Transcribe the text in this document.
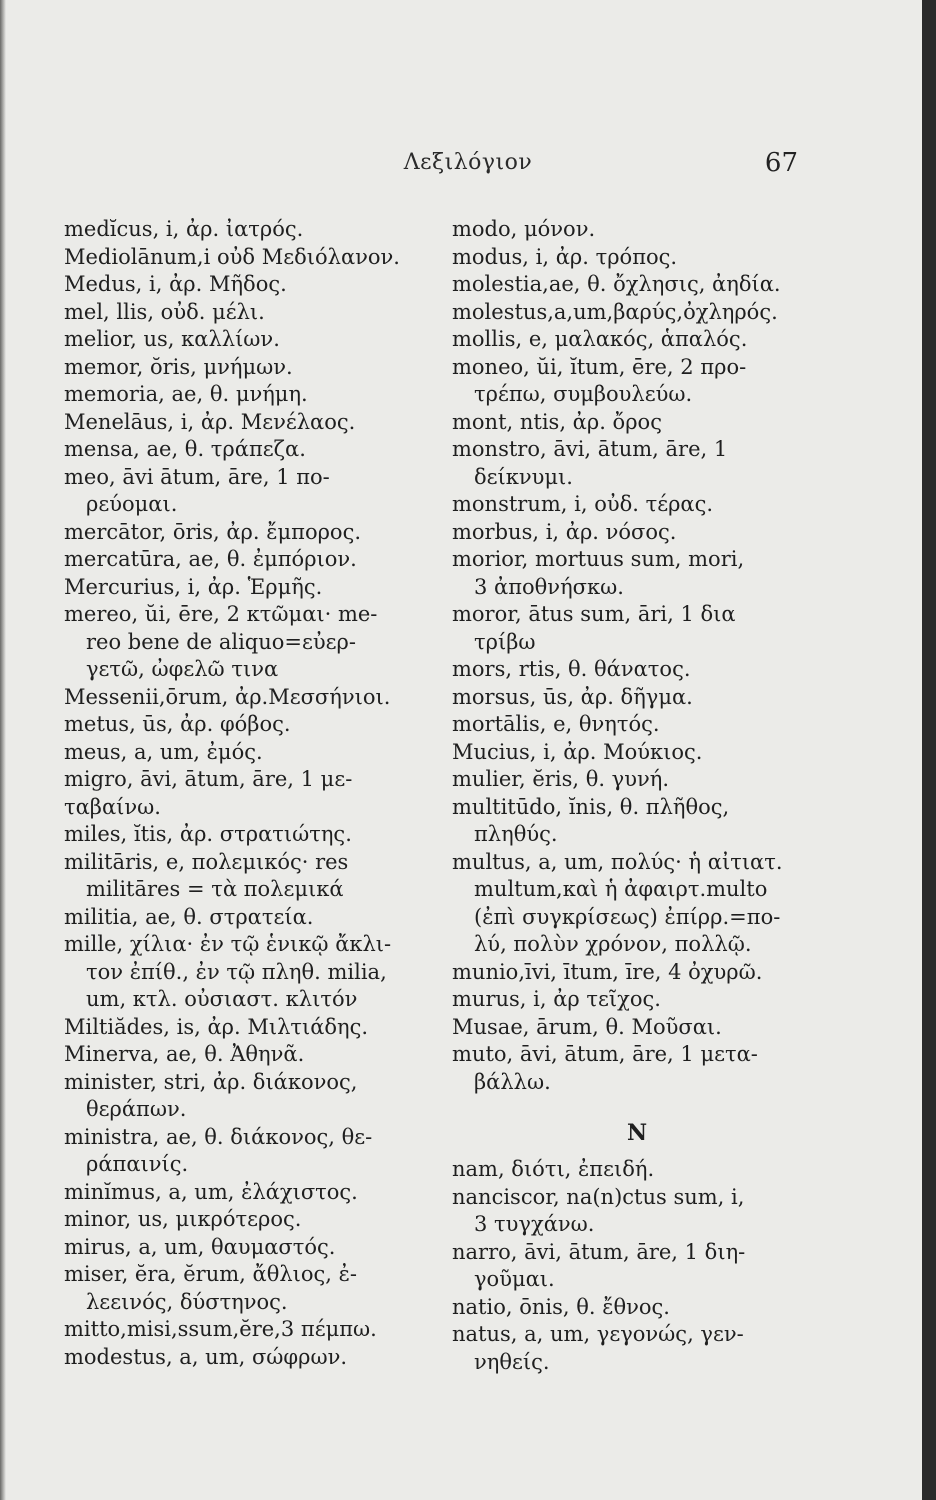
Λεξιλόγιον	67
medĭcus, i, ἀρ. ἰατρός.
Mediolānum,i οὐδ Μεδιόλανον.
Medus, i, ἀρ. Μῆδος.
mel, llis, οὐδ. μέλι.
melior, us, καλλίων.
memor, ŏris, μνήμων.
memoria, ae, θ. μνήμη.
Menelāus, i, ἀρ. Μενέλαος.
mensa, ae, θ. τράπεζα.
meo, āvi ātum, āre, 1 πο-
ρεύομαι.
mercātor, ōris, ἀρ. ἔμπορος.
mercatūra, ae, θ. ἐμπόριον.
Mercurius, i, ἀρ. Ἑρμῆς.
mereo, ŭi, ēre, 2 κτῶμαι· me-
reo bene de aliquo=εὐερ-
γετῶ, ὠφελῶ τινα
Messenii,ōrum, ἀρ.Μεσσήνιοι.
metus, ūs, ἀρ. φόβος.
meus, a, um, ἐμός.
migro, āvi, ātum, āre, 1 με-
ταβαίνω.
miles, ĭtis, ἀρ. στρατιώτης.
militāris, e, πολεμικός· res
militāres = τὰ πολεμικά
militia, ae, θ. στρατεία.
mille, χίλια· ἐν τῷ ἑνικῷ ἄκλι-
τον ἐπίθ., ἐν τῷ πληθ. milia,
um, κτλ. οὐσιαστ. κλιτόν
Miltiădes, is, ἀρ. Μιλτιάδης.
Minerva, ae, θ. Ἀθηνᾶ.
minister, stri, ἀρ. διάκονος,
θεράπων.
ministra, ae, θ. διάκονος, θε-
ράπαινίς.
minĭmus, a, um, ἐλάχιστος.
minor, us, μικρότερος.
mirus, a, um, θαυμαστός.
miser, ĕra, ĕrum, ἄθλιος, ἐ-
λεεινός, δύστηνος.
mitto,misi,ssum,ĕre,3 πέμπω.
modestus, a, um, σώφρων.
modo, μόνον.
modus, i, ἀρ. τρόπος.
molestia,ae, θ. ὄχλησις, ἀηδία.
molestus,a,um,βαρύς,ὀχληρός.
mollis, e, μαλακός, ἁπαλός.
moneo, ŭi, ĭtum, ēre, 2 προ-
τρέπω, συμβουλεύω.
mont, ntis, ἀρ. ὄρος
monstro, āvi, ātum, āre, 1
δείκνυμι.
monstrum, i, οὐδ. τέρας.
morbus, i, ἀρ. νόσος.
morior, mortuus sum, mori,
3 ἀποθνήσκω.
moror, ātus sum, āri, 1 δια
τρίβω
mors, rtis, θ. θάνατος.
morsus, ūs, ἀρ. δῆγμα.
mortālis, e, θνητός.
Mucius, i, ἀρ. Μούκιος.
mulier, ĕris, θ. γυνή.
multitūdo, ĭnis, θ. πλῆθος,
πληθύς.
multus, a, um, πολύς· ἡ αἰτιατ.
multum,καὶ ἡ ἀφαιρτ.multo
(ἐπὶ συγκρίσεως) ἐπίρρ.=πο-
λύ, πολὺν χρόνον, πολλῷ.
munio,īvi, ītum, īre, 4 ὀχυρῶ.
murus, i, ἀρ τεῖχος.
Musae, ārum, θ. Μοῦσαι.
muto, āvi, ātum, āre, 1 μετα-
βάλλω.
N
nam, διότι, ἐπειδή.
nanciscor, na(n)ctus sum, i,
3 τυγχάνω.
narro, āvi, ātum, āre, 1 διη-
γοῦμαι.
natio, ōnis, θ. ἔθνος.
natus, a, um, γεγονώς, γεν-
νηθείς.
